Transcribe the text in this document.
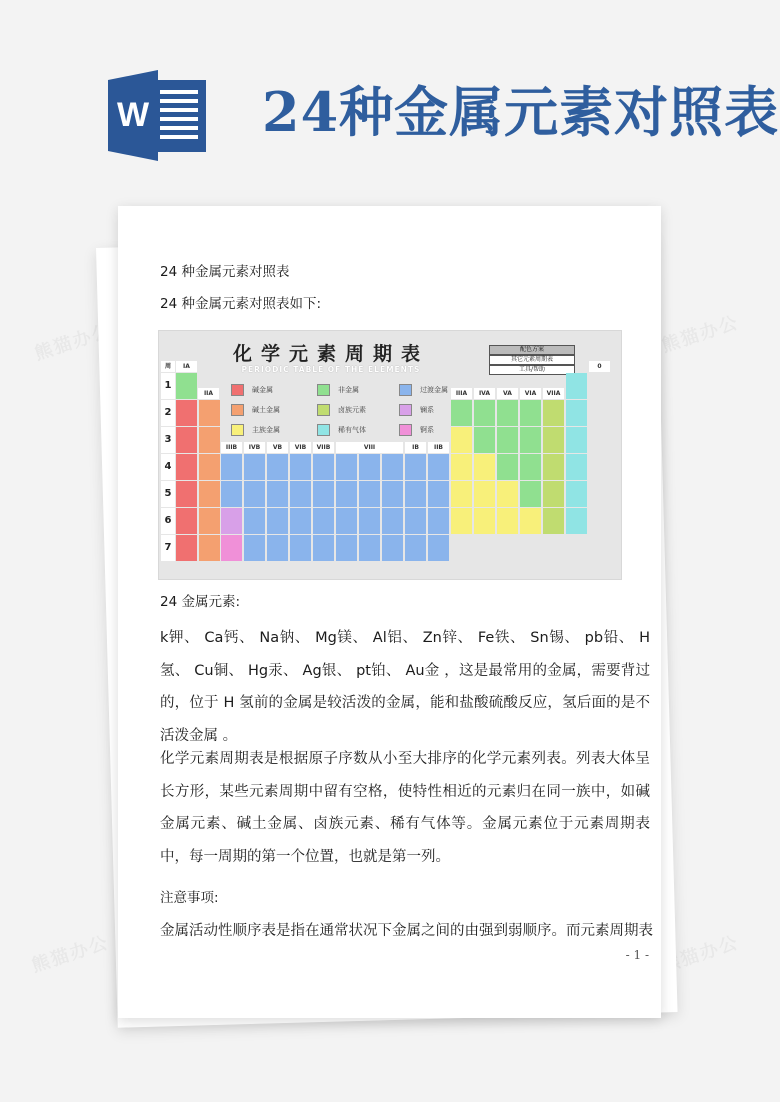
W 24种金属元素对照表
24 种金属元素对照表
24 种金属元素对照表如下:
化学元素周期表
PERIODIC TABLE OF THE ELEMENTS
配色方案
其它元素周期表
工具/帮助
碱金属
碱土金属
主族金属
非金属
卤族元素
稀有气体
过渡金属
镧系
锕系
周
1
2
3
4
5
6
7
IA
IIA
IIIB	IVB	VB	VIB	VIIB	VIII	IB	IIB
IIIA	IVA	VA	VIA	VIIA
0
24 金属元素:
k钾、 Ca钙、 Na钠、 Mg镁、 Al铝、 Zn锌、 Fe铁、 Sn锡、 pb铅、 H氢、 Cu铜、 Hg汞、 Ag银、 pt铂、 Au金 ，这是最常用的金属，需要背过的，位于 H 氢前的金属是较活泼的金属，能和盐酸硫酸反应，氢后面的是不活泼金属 。
化学元素周期表是根据原子序数从小至大排序的化学元素列表。列表大体呈长方形，某些元素周期中留有空格，使特性相近的元素归在同一族中，如碱金属元素、碱土金属、卤族元素、稀有气体等。金属元素位于元素周期表中，每一周期的第一个位置，也就是第一列。
注意事项:
金属活动性顺序表是指在通常状况下金属之间的由强到弱顺序。而元素周期表
- 1 -
